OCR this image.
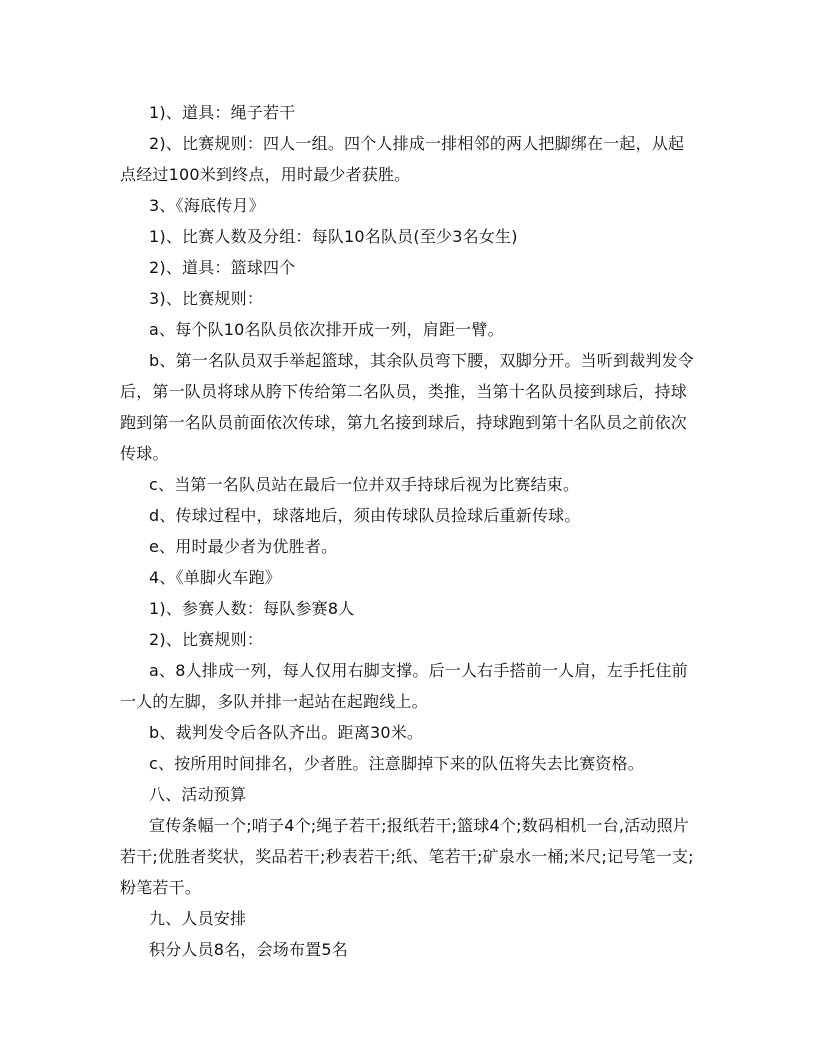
1)、道具：绳子若干

2)、比赛规则：四人一组。四个人排成一排相邻的两人把脚绑在一起，从起点经过100米到终点，用时最少者获胜。

3、《海底传月》

1)、比赛人数及分组：每队10名队员(至少3名女生)

2)、道具：篮球四个

3)、比赛规则：

a、每个队10名队员依次排开成一列，肩距一臂。

b、第一名队员双手举起篮球，其余队员弯下腰，双脚分开。当听到裁判发令后，第一队员将球从胯下传给第二名队员，类推，当第十名队员接到球后，持球跑到第一名队员前面依次传球，第九名接到球后，持球跑到第十名队员之前依次传球。

c、当第一名队员站在最后一位并双手持球后视为比赛结束。

d、传球过程中，球落地后，须由传球队员捡球后重新传球。

e、用时最少者为优胜者。

4、《单脚火车跑》

1)、参赛人数：每队参赛8人

2)、比赛规则：

a、8人排成一列，每人仅用右脚支撑。后一人右手搭前一人肩，左手托住前一人的左脚，多队并排一起站在起跑线上。

b、裁判发令后各队齐出。距离30米。

c、按所用时间排名，少者胜。注意脚掉下来的队伍将失去比赛资格。

八、活动预算

宣传条幅一个;哨子4个;绳子若干;报纸若干;篮球4个;数码相机一台,活动照片若干;优胜者奖状，奖品若干;秒表若干;纸、笔若干;矿泉水一桶;米尺;记号笔一支;粉笔若干。

九、人员安排

积分人员8名，会场布置5名
